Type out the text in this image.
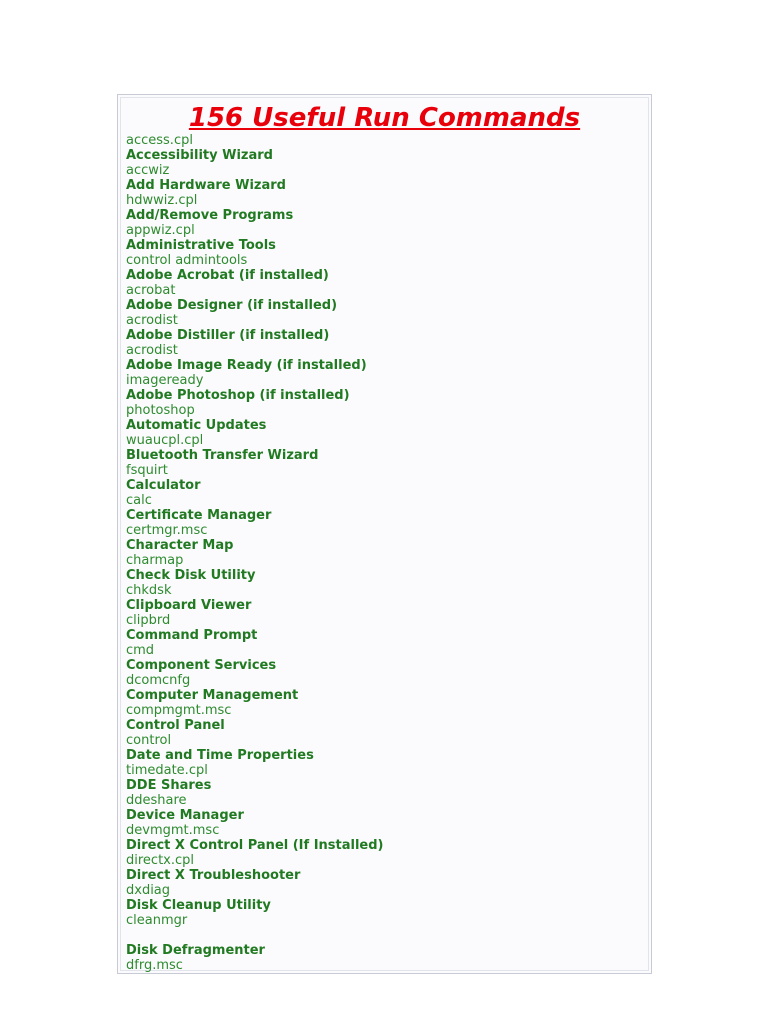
156 Useful Run Commands
access.cpl
Accessibility Wizard
accwiz
Add Hardware Wizard
hdwwiz.cpl
Add/Remove Programs
appwiz.cpl
Administrative Tools
control admintools
Adobe Acrobat (if installed)
acrobat
Adobe Designer (if installed)
acrodist
Adobe Distiller (if installed)
acrodist
Adobe Image Ready (if installed)
imageready
Adobe Photoshop (if installed)
photoshop
Automatic Updates
wuaucpl.cpl
Bluetooth Transfer Wizard
fsquirt
Calculator
calc
Certificate Manager
certmgr.msc
Character Map
charmap
Check Disk Utility
chkdsk
Clipboard Viewer
clipbrd
Command Prompt
cmd
Component Services
dcomcnfg
Computer Management
compmgmt.msc
Control Panel
control
Date and Time Properties
timedate.cpl
DDE Shares
ddeshare
Device Manager
devmgmt.msc
Direct X Control Panel (If Installed)
directx.cpl
Direct X Troubleshooter
dxdiag
Disk Cleanup Utility
cleanmgr
Disk Defragmenter
dfrg.msc
